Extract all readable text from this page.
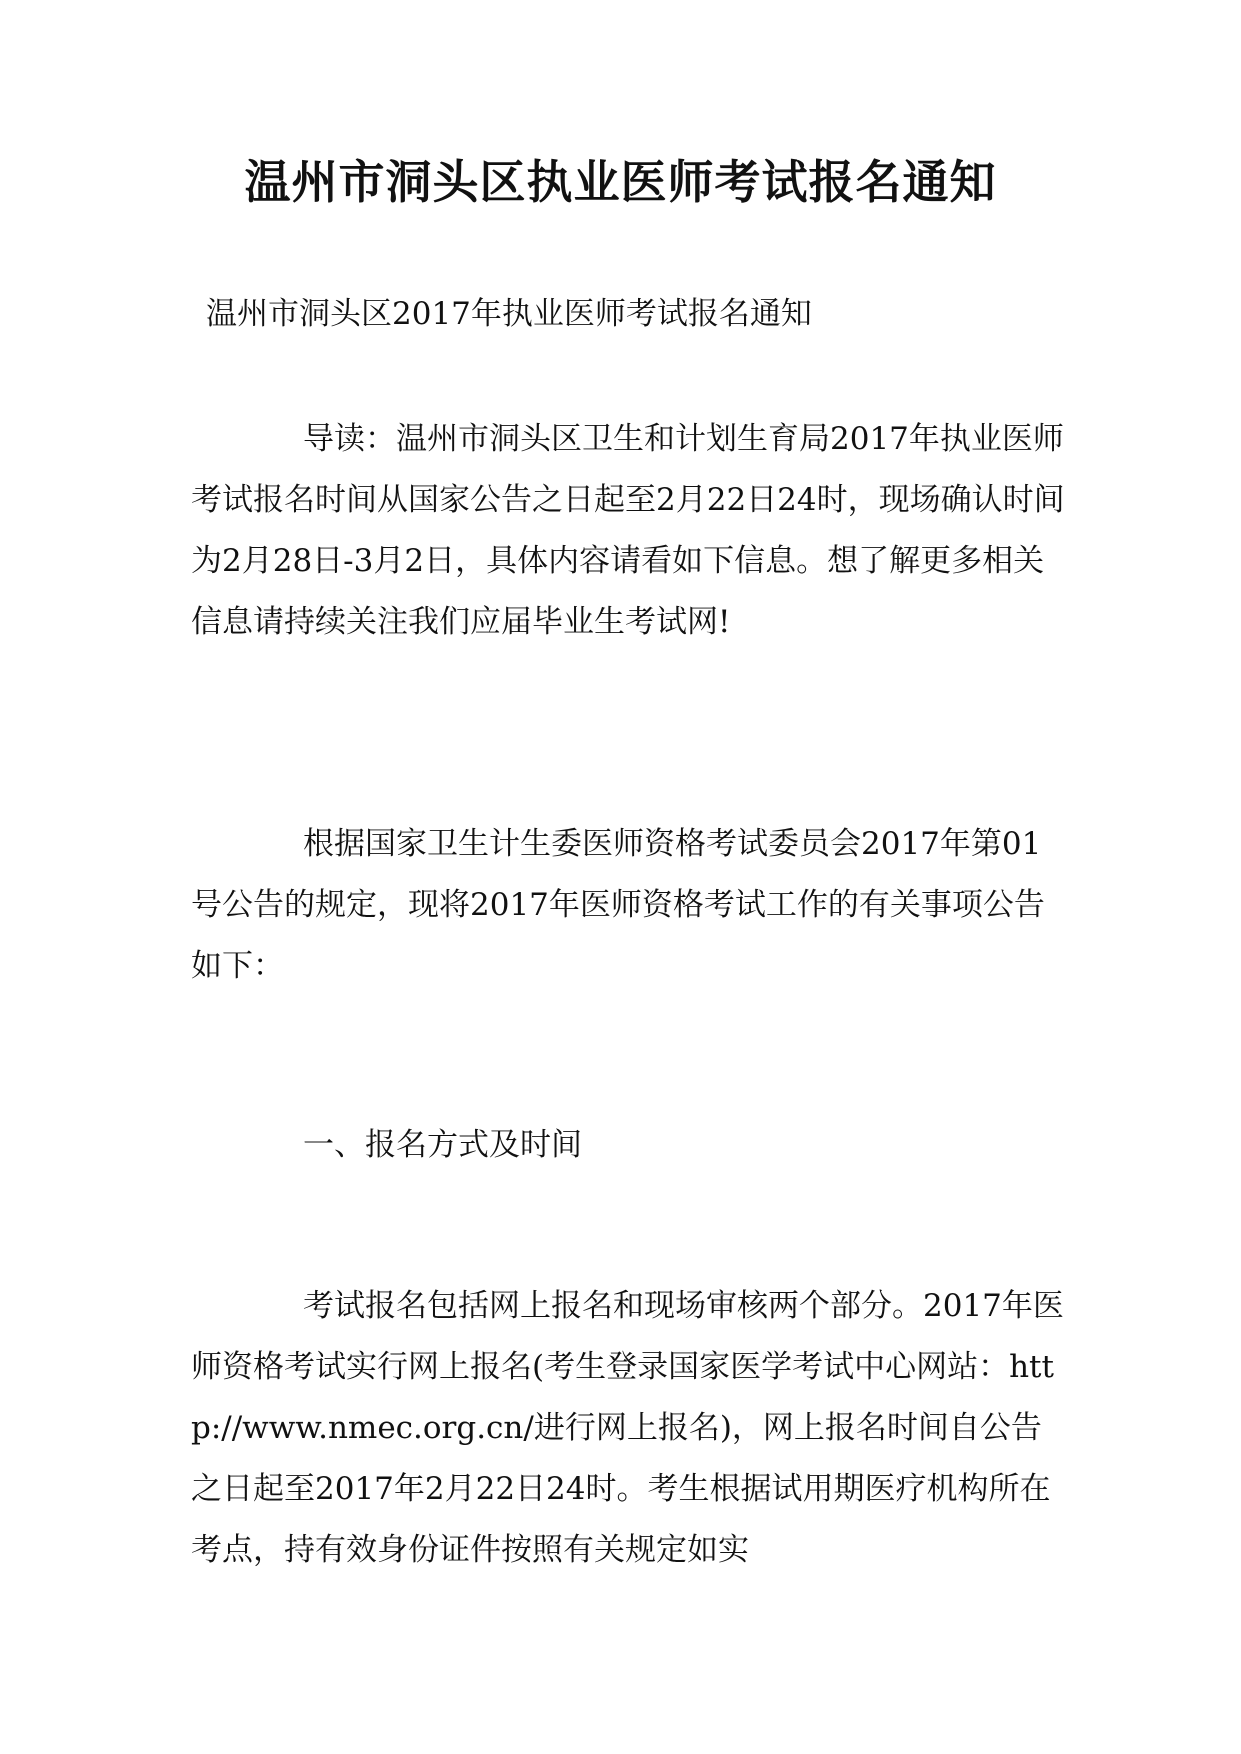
温州市洞头区执业医师考试报名通知

温州市洞头区2017年执业医师考试报名通知

导读：温州市洞头区卫生和计划生育局2017年执业医师考试报名时间从国家公告之日起至2月22日24时，现场确认时间为2月28日-3月2日，具体内容请看如下信息。想了解更多相关信息请持续关注我们应届毕业生考试网!

根据国家卫生计生委医师资格考试委员会2017年第01号公告的规定，现将2017年医师资格考试工作的有关事项公告如下：

一、报名方式及时间

考试报名包括网上报名和现场审核两个部分。2017年医师资格考试实行网上报名(考生登录国家医学考试中心网站：http://www.nmec.org.cn/进行网上报名)，网上报名时间自公告之日起至2017年2月22日24时。考生根据试用期医疗机构所在考点，持有效身份证件按照有关规定如实
